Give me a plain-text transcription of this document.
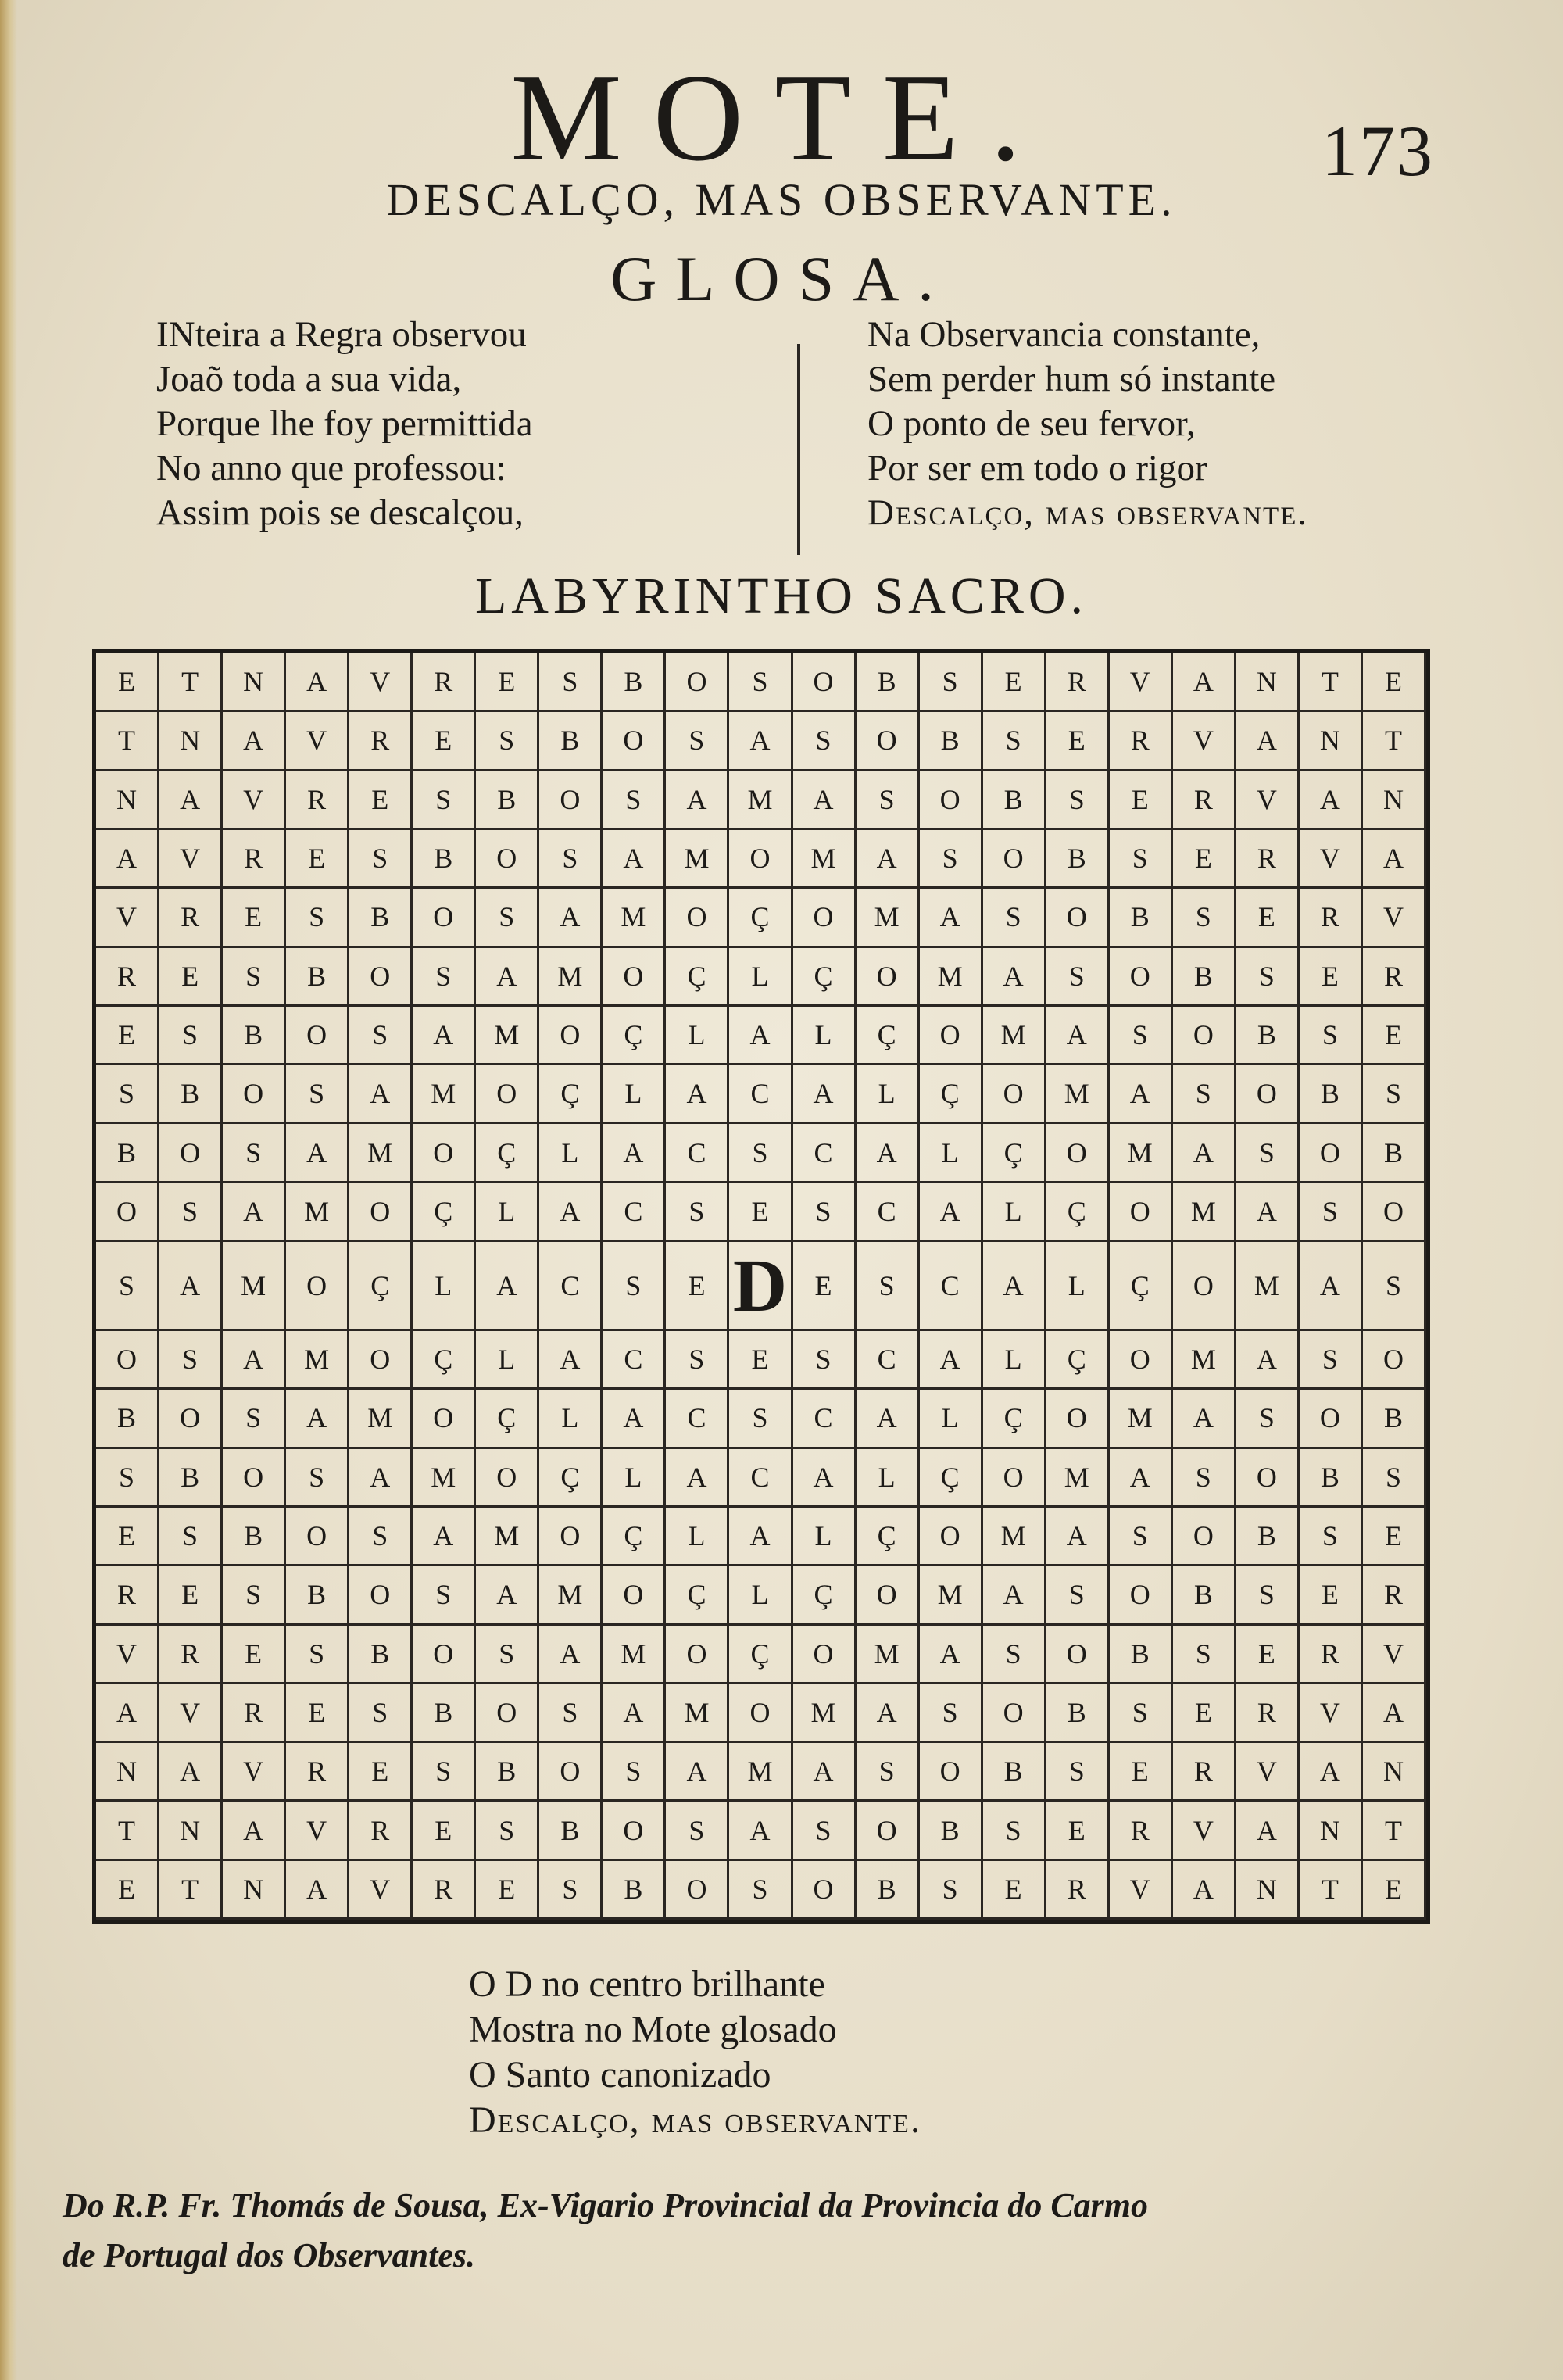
173
MOTE.
DESCALÇO, MAS OBSERVANTE.
GLOSA.
INteira a Regra observou
Joaõ toda a sua vida,
Porque lhe foy permittida
No anno que professou:
Assim pois se descalçou,
Na Observancia constante,
Sem perder hum só instante
O ponto de seu fervor,
Por ser em todo o rigor
Descalço, mas observante.
LABYRINTHO SACRO.
E	T	N	A	V	R	E	S	B	O	S	O	B	S	E	R	V	A	N	T	E
T	N	A	V	R	E	S	B	O	S	A	S	O	B	S	E	R	V	A	N	T
N	A	V	R	E	S	B	O	S	A	M	A	S	O	B	S	E	R	V	A	N
A	V	R	E	S	B	O	S	A	M	O	M	A	S	O	B	S	E	R	V	A
V	R	E	S	B	O	S	A	M	O	Ç	O	M	A	S	O	B	S	E	R	V
R	E	S	B	O	S	A	M	O	Ç	L	Ç	O	M	A	S	O	B	S	E	R
E	S	B	O	S	A	M	O	Ç	L	A	L	Ç	O	M	A	S	O	B	S	E
S	B	O	S	A	M	O	Ç	L	A	C	A	L	Ç	O	M	A	S	O	B	S
B	O	S	A	M	O	Ç	L	A	C	S	C	A	L	Ç	O	M	A	S	O	B
O	S	A	M	O	Ç	L	A	C	S	E	S	C	A	L	Ç	O	M	A	S	O
S	A	M	O	Ç	L	A	C	S	E D E	S	C	A	L	Ç	O	M	A	S
O	S	A	M	O	Ç	L	A	C	S	E	S	C	A	L	Ç	O	M	A	S	O
B	O	S	A	M	O	Ç	L	A	C	S	C	A	L	Ç	O	M	A	S	O	B
S	B	O	S	A	M	O	Ç	L	A	C	A	L	Ç	O	M	A	S	O	B	S
E	S	B	O	S	A	M	O	Ç	L	A	L	Ç	O	M	A	S	O	B	S	E
R	E	S	B	O	S	A	M	O	Ç	L	Ç	O	M	A	S	O	B	S	E	R
V	R	E	S	B	O	S	A	M	O	Ç	O	M	A	S	O	B	S	E	R	V
A	V	R	E	S	B	O	S	A	M	O	M	A	S	O	B	S	E	R	V	A
N	A	V	R	E	S	B	O	S	A	M	A	S	O	B	S	E	R	V	A	N
T	N	A	V	R	E	S	B	O	S	A	S	O	B	S	E	R	V	A	N	T
E	T	N	A	V	R	E	S	B	O	S	O	B	S	E	R	V	A	N	T	E
O D no centro brilhante
Mostra no Mote glosado
O Santo canonizado
Descalço, mas observante.
Do R.P. Fr. Thomás de Sousa, Ex-Vigario Provincial da Provincia do Carmo
de Portugal dos Observantes.
